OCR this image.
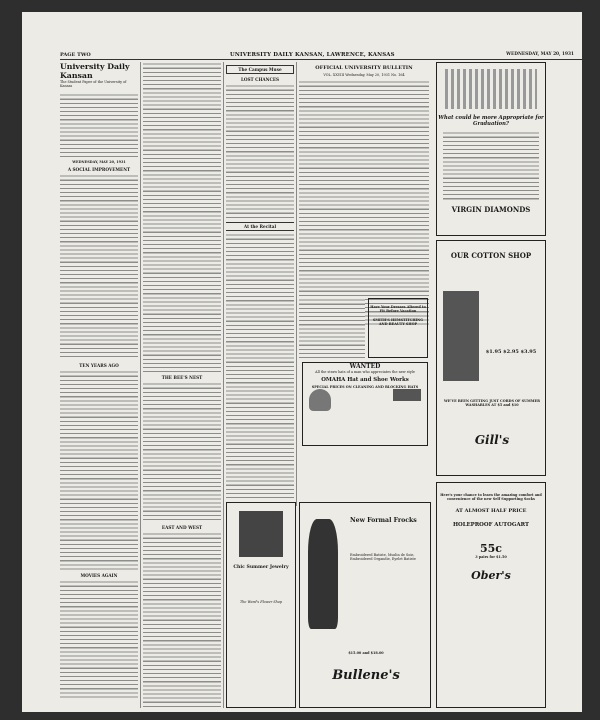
PAGE TWO	UNIVERSITY DAILY KANSAN, LAWRENCE, KANSAS	WEDNESDAY, MAY 20, 1931
University Daily Kansan
The Student Paper of the University of Kansas
WEDNESDAY, MAY 20, 1931
A SOCIAL IMPROVEMENT
TEN YEARS AGO
MOVIES AGAIN
THE BEE'S NEST
EAST AND WEST
The Campus Muse
LOST CHANCES
At the Recital
OFFICIAL UNIVERSITY BULLETIN
VOL. XXVIII Wednesday, May 20, 1931 No. 164
Have Your Dresses Altered to Fit Before Vacation
SMITH'S HEMSTITCHING AND BEAUTY SHOP
WANTED
All the straw hats of a man who appreciates the new style
OMAHA Hat and Shoe Works
SPECIAL PRICES ON CLEANING AND BLOCKING HATS
Chic Summer Jewelry
The Ward's Flower Shop
New Formal Frocks
Embroidered Batiste, Muslin de Soie, Embroidered Organdie, Eyelet Batiste
$15.00 and $18.00
Bullene's
What could be more Appropriate for Graduation?
VIRGIN DIAMONDS
OUR COTTON SHOP
$1.95 $2.95 $3.95
WE'VE BEEN GETTING JUST CORDS OF SUMMER WASHABLES AT $5 and $10
Gill's
Here's your chance to learn the amazing comfort and convenience of the new Self Supporting Socks
AT ALMOST HALF PRICE
HOLEPROOF AUTOGART
55c
3 pairs for $1.50
Ober's
